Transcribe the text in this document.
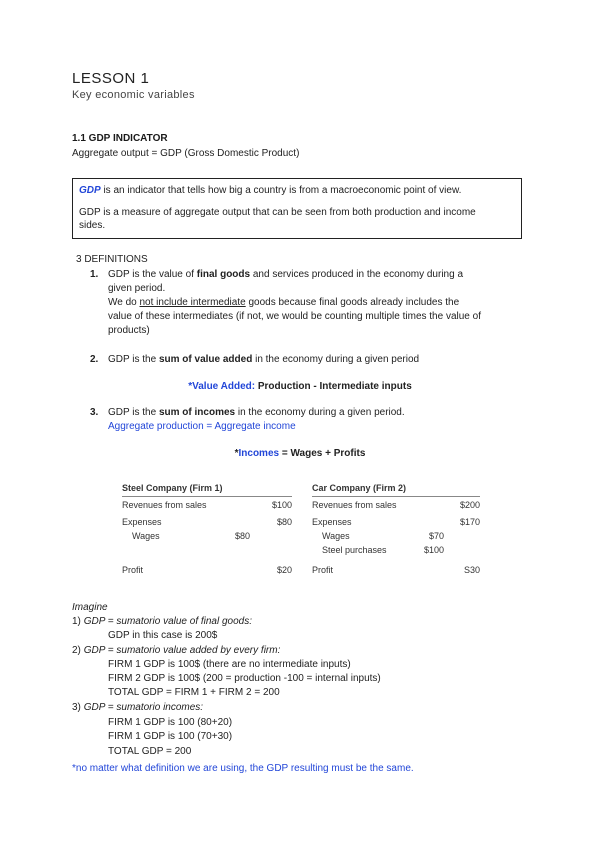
LESSON 1
Key economic variables
1.1 GDP INDICATOR
Aggregate output = GDP (Gross Domestic Product)

GDP is an indicator that tells how big a country is from a macroeconomic point of view.

GDP is a measure of aggregate output that can be seen from both production and income
sides.

3 DEFINITIONS
1. GDP is the value of final goods and services produced in the economy during a
given period.
We do not include intermediate goods because final goods already includes the
value of these intermediates (if not, we would be counting multiple times the value of
products)
2. GDP is the sum of value added in the economy during a given period
*Value Added: Production - Intermediate inputs
3. GDP is the sum of incomes in the economy during a given period.
Aggregate production = Aggregate income
*Incomes = Wages + Profits
Steel Company (Firm 1)
Revenues from sales	$100
Expenses	$80
Wages	$80
Profit	$20
Car Company (Firm 2)
Revenues from sales	$200
Expenses	$170
Wages	$70
Steel purchases	$100
Profit	S30
Imagine
1) GDP = sumatorio value of final goods:
GDP in this case is 200$
2) GDP = sumatorio value added by every firm:
FIRM 1 GDP is 100$ (there are no intermediate inputs)
FIRM 2 GDP is 100$ (200 = production -100 = internal inputs)
TOTAL GDP = FIRM 1 + FIRM 2 = 200
3) GDP = sumatorio incomes:
FIRM 1 GDP is 100 (80+20)
FIRM 1 GDP is 100 (70+30)
TOTAL GDP = 200
*no matter what definition we are using, the GDP resulting must be the same.
